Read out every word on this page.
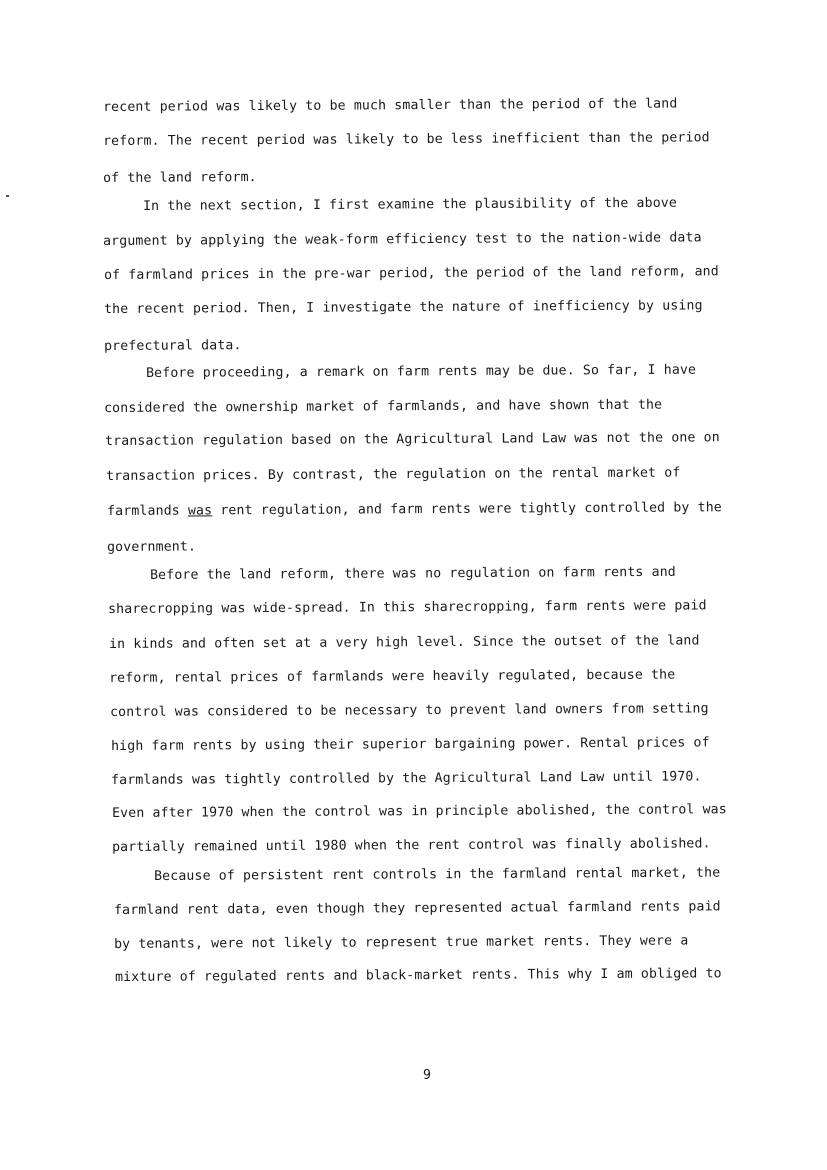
recent period was likely to be much smaller than the period of the land
reform. The recent period was likely to be less inefficient than the period
of the land reform.
In the next section, I first examine the plausibility of the above
argument by applying the weak-form efficiency test to the nation-wide data
of farmland prices in the pre-war period, the period of the land reform, and
the recent period. Then, I investigate the nature of inefficiency by using
prefectural data.
Before proceeding, a remark on farm rents may be due. So far, I have
considered the ownership market of farmlands, and have shown that the
transaction regulation based on the Agricultural Land Law was not the one on
transaction prices. By contrast, the regulation on the rental market of
farmlands was rent regulation, and farm rents were tightly controlled by the
government.
Before the land reform, there was no regulation on farm rents and
sharecropping was wide-spread. In this sharecropping, farm rents were paid
in kinds and often set at a very high level. Since the outset of the land
reform, rental prices of farmlands were heavily regulated, because the
control was considered to be necessary to prevent land owners from setting
high farm rents by using their superior bargaining power. Rental prices of
farmlands was tightly controlled by the Agricultural Land Law until 1970.
Even after 1970 when the control was in principle abolished, the control was
partially remained until 1980 when the rent control was finally abolished.
Because of persistent rent controls in the farmland rental market, the
farmland rent data, even though they represented actual farmland rents paid
by tenants, were not likely to represent true market rents. They were a
mixture of regulated rents and black-market rents. This why I am obliged to
9
